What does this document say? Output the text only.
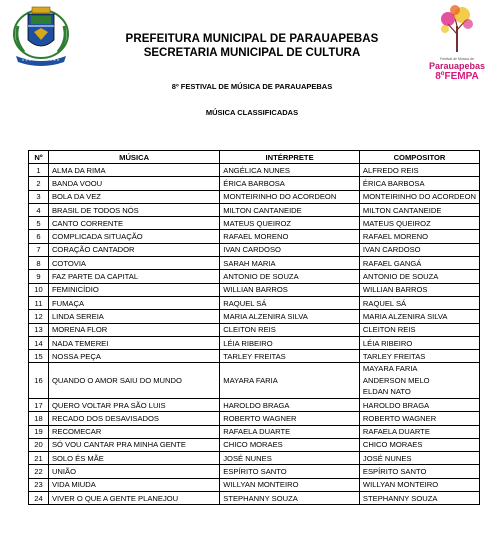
PREFEITURA MUNICIPAL DE PARAUAPEBAS
SECRETARIA MUNICIPAL DE CULTURA	Festival de Música de
Parauapebas
8ºFEMPA
8º FESTIVAL DE MÚSICA DE PARAUAPEBAS
MÚSICA CLASSIFICADAS
Nº	MÚSICA	INTÉRPRETE	COMPOSITOR
1	ALMA DA RIMA	ANGÉLICA NUNES	ALFREDO REIS
2	BANDA VOOU	ÉRICA BARBOSA	ÉRICA BARBOSA
3	BOLA DA VEZ	MONTEIRINHO DO ACORDEON	MONTEIRINHO DO ACORDEON
4	BRASIL DE TODOS NÓS	MILTON CANTANEIDE	MILTON CANTANEIDE
5	CANTO CORRENTE	MATEUS QUEIROZ	MATEUS QUEIROZ
6	COMPLICADA SITUAÇÃO	RAFAEL MORENO	RAFAEL MORENO
7	CORAÇÃO CANTADOR	IVAN CARDOSO	IVAN CARDOSO
8	COTOVIA	SARAH MARIA	RAFAEL GANGÁ
9	FAZ PARTE DA CAPITAL	ANTONIO DE SOUZA	ANTONIO DE SOUZA
10	FEMINICÍDIO	WILLIAN BARROS	WILLIAN BARROS
11	FUMAÇA	RAQUEL SÁ	RAQUEL SÁ
12	LINDA SEREIA	MARIA ALZENIRA SILVA	MARIA ALZENIRA SILVA
13	MORENA FLOR	CLEITON REIS	CLEITON REIS
14	NADA TEMEREI	LÉIA RIBEIRO	LÉIA RIBEIRO
15	NOSSA PEÇA	TARLEY FREITAS	TARLEY FREITAS
16	QUANDO O AMOR SAIU DO MUNDO	MAYARA FARIA	MAYARA FARIA
ANDERSON MELO
ELDAN NATO

17	QUERO VOLTAR PRA SÃO LUIS	HAROLDO BRAGA	HAROLDO BRAGA
18	RECADO DOS DESAVISADOS	ROBERTO WAGNER	ROBERTO WAGNER
19	RECOMECAR	RAFAELA DUARTE	RAFAELA DUARTE
20	SÓ VOU CANTAR PRA MINHA GENTE	CHICO MORAES	CHICO MORAES
21	SOLO ÉS MÃE	JOSÉ NUNES	JOSÉ NUNES
22	UNIÃO	ESPÍRITO SANTO	ESPÍRITO SANTO
23	VIDA MIUDA	WILLYAN MONTEIRO	WILLYAN MONTEIRO
24	VIVER O QUE A GENTE PLANEJOU	STEPHANNY SOUZA	STEPHANNY SOUZA
